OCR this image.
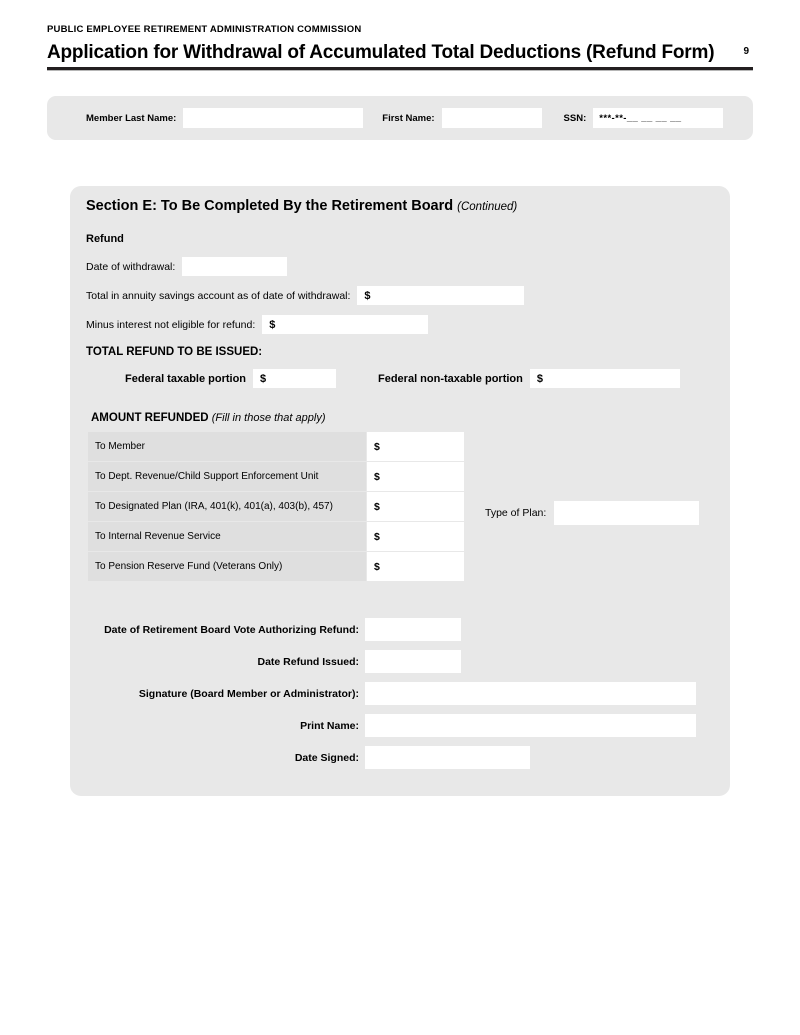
PUBLIC EMPLOYEE RETIREMENT ADMINISTRATION COMMISSION
Application for Withdrawal of Accumulated Total Deductions (Refund Form)	9
Member Last Name:	First Name:	SSN: ***-**-__ __ __ __
Section E: To Be Completed By the Retirement Board (Continued)
Refund
Date of withdrawal:
Total in annuity savings account as of date of withdrawal: $
Minus interest not eligible for refund: $
TOTAL REFUND TO BE ISSUED:
Federal taxable portion $	Federal non-taxable portion $
AMOUNT REFUNDED (Fill in those that apply)
To Member	$
To Dept. Revenue/Child Support Enforcement Unit	$
To Designated Plan (IRA, 401(k), 401(a), 403(b), 457)	$
To Internal Revenue Service	$
To Pension Reserve Fund (Veterans Only)	$
Type of Plan:
Date of Retirement Board Vote Authorizing Refund:
Date Refund Issued:
Signature (Board Member or Administrator):
Print Name:
Date Signed:
